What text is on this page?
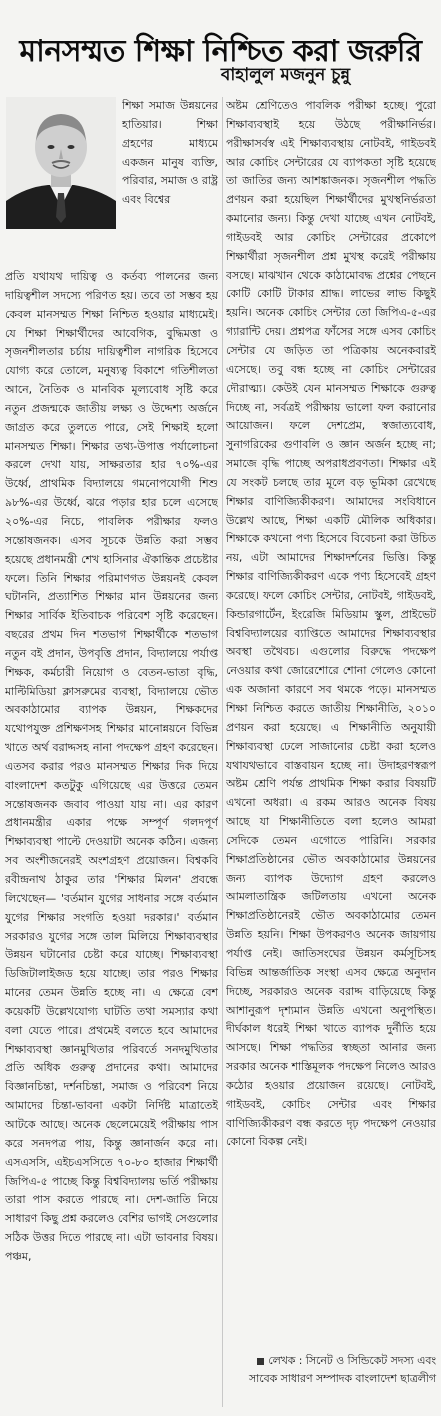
মানসম্মত শিক্ষা নিশ্চিত করা জরুরি
বাহালুল মজনুন চুন্নু

শিক্ষা সমাজ উন্নয়নের হাতিয়ার। শিক্ষা গ্রহণের মাধ্যমে একজন মানুষ ব্যক্তি, পরিবার, সমাজ ও রাষ্ট্র এবং বিশ্বের

প্রতি যথাযথ দায়িত্ব ও কর্তব্য পালনের জন্য দায়িত্বশীল সদস্যে পরিণত হয়। তবে তা সম্ভব হয় কেবল মানসম্মত শিক্ষা নিশ্চিত হওয়ার মাধ্যমেই। যে শিক্ষা শিক্ষার্থীদের আবেগিক, বুদ্ধিমত্তা ও সৃজনশীলতার চর্চায় দায়িত্বশীল নাগরিক হিসেবে যোগ্য করে তোলে, মনুষ্যত্ব বিকাশে গতিশীলতা আনে, নৈতিক ও মানবিক মূল্যবোধ সৃষ্টি করে নতুন প্রজন্মকে জাতীয় লক্ষ্য ও উদ্দেশ্য অর্জনে জাগ্রত করে তুলতে পারে, সেই শিক্ষাই হলো মানসম্মত শিক্ষা। শিক্ষার তথ্য-উপাত্ত পর্যালোচনা করলে দেখা যায়, সাক্ষরতার হার ৭০%-এর উর্ধ্বে, প্রাথমিক বিদ্যালয়ে গমনোপযোগী শিশু ৯৮%-এর উর্ধ্বে, ঝরে পড়ার হার চলে এসেছে ২০%-এর নিচে, পাবলিক পরীক্ষার ফলও সন্তোষজনক। এসব সূচকে উন্নতি করা সম্ভব হয়েছে প্রধানমন্ত্রী শেখ হাসিনার ঐকান্তিক প্রচেষ্টার ফলে। তিনি শিক্ষার পরিমাণগত উন্নয়নই কেবল ঘটাননি, প্রত্যাশিত শিক্ষার মান উন্নয়নের জন্য শিক্ষার সার্বিক ইতিবাচক পরিবেশ সৃষ্টি করেছেন। বছরের প্রথম দিন শতভাগ শিক্ষার্থীকে শতভাগ নতুন বই প্রদান, উপবৃত্তি প্রদান, বিদ্যালয়ে পর্যাপ্ত শিক্ষক, কর্মচারী নিয়োগ ও বেতন-ভাতা বৃদ্ধি, মাল্টিমিডিয়া ক্লাসরুমের ব্যবস্থা, বিদ্যালয়ে ভৌত অবকাঠামোর ব্যাপক উন্নয়ন, শিক্ষকদের যথোপযুক্ত প্রশিক্ষণসহ শিক্ষার মানোন্নয়নে বিভিন্ন খাতে অর্থ বরাদ্দসহ নানা পদক্ষেপ গ্রহণ করেছেন। এতসব করার পরও মানসম্মত শিক্ষার দিক দিয়ে বাংলাদেশ কতটুকু এগিয়েছে এর উত্তরে তেমন সন্তোষজনক জবাব পাওয়া যায় না। এর কারণ প্রধানমন্ত্রীর একার পক্ষে সম্পূর্ণ গলদপূর্ণ শিক্ষাব্যবস্থা পাল্টে দেওয়াটা অনেক কঠিন। এজন্য সব অংশীজনেরই অংশগ্রহণ প্রয়োজন। বিশ্বকবি রবীন্দ্রনাথ ঠাকুর তার 'শিক্ষার মিলন' প্রবন্ধে লিখেছেন— 'বর্তমান যুগের সাধনার সঙ্গে বর্তমান যুগের শিক্ষার সংগতি হওয়া দরকার।' বর্তমান সরকারও যুগের সঙ্গে তাল মিলিয়ে শিক্ষাব্যবস্থার উন্নয়ন ঘটানোর চেষ্টা করে যাচ্ছে। শিক্ষাব্যবস্থা ডিজিটালাইজড হয়ে যাচ্ছে। তার পরও শিক্ষার মানের তেমন উন্নতি হচ্ছে না। এ ক্ষেত্রে বেশ কয়েকটি উল্লেখযোগ্য ঘাটতি তথা সমস্যার কথা বলা যেতে পারে। প্রথমেই বলতে হবে আমাদের শিক্ষাব্যবস্থা জ্ঞানমুখিতার পরিবর্তে সনদমুখিতার প্রতি অধিক গুরুত্ব প্রদানের কথা। আমাদের বিজ্ঞানচিন্তা, দর্শনচিন্তা, সমাজ ও পরিবেশ নিয়ে আমাদের চিন্তা-ভাবনা একটা নির্দিষ্ট মাত্রাতেই আটকে আছে। অনেক ছেলেমেয়েই পরীক্ষায় পাস করে সনদপত্র পায়, কিন্তু জ্ঞানার্জন করে না। এসএসসি, এইচএসসিতে ৭০-৮০ হাজার শিক্ষার্থী জিপিএ-৫ পাচ্ছে কিন্তু বিশ্ববিদ্যালয় ভর্তি পরীক্ষায় তারা পাস করতে পারছে না। দেশ-জাতি নিয়ে সাধারণ কিছু প্রশ্ন করলেও বেশির ভাগই সেগুলোর সঠিক উত্তর দিতে পারছে না। এটা ভাবনার বিষয়। পঞ্চম,

অষ্টম শ্রেণিতেও পাবলিক পরীক্ষা হচ্ছে। পুরো শিক্ষাব্যবস্থাই হয়ে উঠছে পরীক্ষানির্ভর। পরীক্ষাসর্বস্ব এই শিক্ষাব্যবস্থায় নোটবই, গাইডবই আর কোচিং সেন্টারের যে ব্যাপকতা সৃষ্টি হয়েছে তা জাতির জন্য আশঙ্কাজনক। সৃজনশীল পদ্ধতি প্রণয়ন করা হয়েছিল শিক্ষার্থীদের মুখস্থনির্ভরতা কমানোর জন্য। কিন্তু দেখা যাচ্ছে এখন নোটবই, গাইডবই আর কোচিং সেন্টারের প্রকোপে শিক্ষার্থীরা সৃজনশীল প্রশ্ন মুখস্থ করেই পরীক্ষায় বসছে। মাঝখান থেকে কাঠামোবদ্ধ প্রশ্নের পেছনে কোটি কোটি টাকার শ্রাদ্ধ। লাভের লাভ কিছুই হয়নি। অনেক কোচিং সেন্টার তো জিপিএ-৫-এর গ্যারান্টি দেয়। প্রশ্নপত্র ফাঁসের সঙ্গে এসব কোচিং সেন্টার যে জড়িত তা পত্রিকায় অনেকবারই এসেছে। তবু বন্ধ হচ্ছে না কোচিং সেন্টারের দৌরাত্ম্য। কেউই যেন মানসম্মত শিক্ষাকে গুরুত্ব দিচ্ছে না, সর্বত্রই পরীক্ষায় ভালো ফল করানোর আয়োজন। ফলে দেশপ্রেম, স্বজাত্যবোধ, সুনাগরিকের গুণাবলি ও জ্ঞান অর্জন হচ্ছে না; সমাজে বৃদ্ধি পাচ্ছে অপরাধপ্রবণতা। শিক্ষার এই যে সংকট চলছে তার মূলে বড় ভূমিকা রেখেছে শিক্ষার বাণিজ্যিকীকরণ। আমাদের সংবিধানে উল্লেখ আছে, শিক্ষা একটি মৌলিক অধিকার। শিক্ষাকে কখনো পণ্য হিসেবে বিবেচনা করা উচিত নয়, এটা আমাদের শিক্ষাদর্শনের ভিত্তি। কিন্তু শিক্ষার বাণিজ্যিকীকরণ একে পণ্য হিসেবেই গ্রহণ করেছে। ফলে কোচিং সেন্টার, নোটবই, গাইডবই, কিন্ডারগার্টেন, ইংরেজি মিডিয়াম স্কুল, প্রাইভেট বিশ্ববিদ্যালয়ের ব্যাপ্তিতে আমাদের শিক্ষাব্যবস্থার অবস্থা তথৈবচ। এগুলোর বিরুদ্ধে পদক্ষেপ নেওয়ার কথা জোরেশোরে শোনা গেলেও কোনো এক অজানা কারণে সব থমকে পড়ে। মানসম্মত শিক্ষা নিশ্চিত করতে জাতীয় শিক্ষানীতি, ২০১০ প্রণয়ন করা হয়েছে। এ শিক্ষানীতি অনুযায়ী শিক্ষাব্যবস্থা ঢেলে সাজানোর চেষ্টা করা হলেও যথাযথভাবে বাস্তবায়ন হচ্ছে না। উদাহরণস্বরূপ অষ্টম শ্রেণি পর্যন্ত প্রাথমিক শিক্ষা করার বিষয়টি এখনো অধরা। এ রকম আরও অনেক বিষয় আছে যা শিক্ষানীতিতে বলা হলেও আমরা সেদিকে তেমন এগোতে পারিনি। সরকার শিক্ষাপ্রতিষ্ঠানের ভৌত অবকাঠামোর উন্নয়নের জন্য ব্যাপক উদ্যোগ গ্রহণ করলেও আমলাতান্ত্রিক জটিলতায় এখনো অনেক শিক্ষাপ্রতিষ্ঠানেরই ভৌত অবকাঠামোর তেমন উন্নতি হয়নি। শিক্ষা উপকরণও অনেক জায়গায় পর্যাপ্ত নেই। জাতিসংঘের উন্নয়ন কর্মসূচিসহ বিভিন্ন আন্তর্জাতিক সংস্থা এসব ক্ষেত্রে অনুদান দিচ্ছে, সরকারও অনেক বরাদ্দ বাড়িয়েছে কিন্তু আশানুরূপ দৃশ্যমান উন্নতি এখনো অনুপস্থিত। দীর্ঘকাল ধরেই শিক্ষা খাতে ব্যাপক দুর্নীতি হয়ে আসছে। শিক্ষা পদ্ধতির স্বচ্ছতা আনার জন্য সরকার অনেক শাস্তিমূলক পদক্ষেপ নিলেও আরও কঠোর হওয়ার প্রয়োজন রয়েছে। নোটবই, গাইডবই, কোচিং সেন্টার এবং শিক্ষার বাণিজ্যিকীকরণ বন্ধ করতে দৃঢ় পদক্ষেপ নেওয়ার কোনো বিকল্প নেই।

লেখক : সিনেট ও সিন্ডিকেট সদস্য এবং সাবেক সাধারণ সম্পাদক বাংলাদেশ ছাত্রলীগ
